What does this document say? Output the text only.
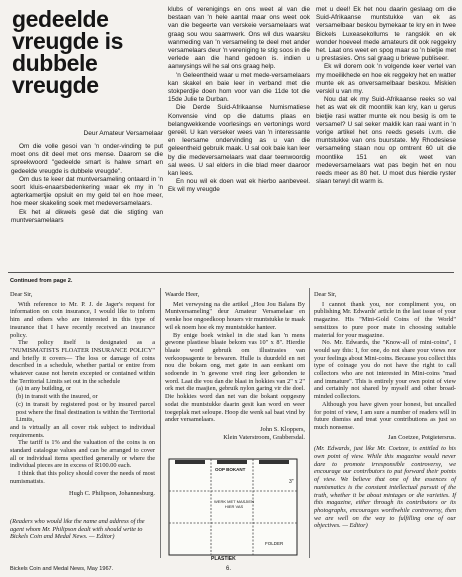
gedeelde
vreugde is
dubbele
vreugde
Deur Amateur Versamelaar

Om die volle gesoi van 'n onder-vinding te put moet ons dit deel met ons mense. Daarom se die spreekwoord "gedeelde smart is halwe smart en gedeelde vreugde is dubbele vreugde".

Om dus te keer dat muntversameling ontaard in 'n soort kluis-enaarsbedenkering waar ek my in 'n agterkamertjie opsluit en my geld tel en hoe meer, hoe meer skakeling soek met medeversamelaars.

Ek het al dikwels gesê dat die stigting van muntversamelaars

klubs of verenigings en ons weet al van die bestaan van 'n hele aantal maar ons weet ook van die begeerte van verskeie versamelaars wat graag sou wou saamwerk. Ons wil dus waarsku wanmeding van 'n versameling te deel met ander versamelaars deur 'n vereniging te stig soos in die verlede aan die hand gedoen is. indien u aanwysings wil he sal ons graag help.

'n Geleentheid waar u met mede-versamelaars kan skakel en baie leer in verband met die stokperdjie doen hom voor van die 11de tot die 15de Julie te Durban.

Die Derde Suid-Afrikaanse Numismatiese Konvensie vind op die datums plaas en belangwekkende voorlesings en vertonings word gereël. U kan verseker wees van 'n interessante en leersame ondervinding as u van die geleentheid gebruik maak. U sal ook baie kan leer by die medeversamelaars wat daar teenwoordig sal wees. U sal elders in die blad meer daaroor kan lees.

En nou wil ek doen wat ek hierbo aanbeveel. Ek wil my vreugde

met u deel! Ek het nou daarin geslaag om die Suid-Afrikaanse muntstukke van ek as versamelbaar beskou bymekaar te kry en in twee Bickels Luxeasekollums te rangskik en ek wonder hoeveel mede amateurs dit ook reggekry het. Laat ons weet en spog maar so 'n bietjie met u prestasies. Ons sal graag u briewe publiseer.

Ek wil dorem ook 'n volgende keer vertel van my moeilikhede en hoe ek reggekry het en watter munte ek as onversamelbaar beskou. Miskien verskil u van my.

Nou dat ek my Suid-Afrikaanse reeks so val het as wat ek dit moontlik kan kry, kan u gerus bietjie rasi watter munte ek nou besig is om te versamel? U sal seker maklik kan raai want in 'n vorige artikel het ons reeds gesels i.v.m. die muntstukke van ons buurstate. My Rhodesiese versameling staan nou op omtrent 60 uit die moontlike 151 en ek weet van medeversamelaars wat pas begin het en nou reeds meer as 80 het. U moet dus hierdie ryster slaan terwyl dit warm is.

Continued from page 2.
Dear Sir,

With reference to Mr. P. J. de Jager's request for information on coin insurance, I would like to inform him and others who are interested in this type of insurance that I have recently received an insurance policy.

The policy itself is designated as a "NUMISMATISTS FLOATER INSURANCE POLICY" and briefly it covers— The loss or damage of coins described in a schedule, whether partial or entire from whatever cause not herein excepted or contained within the Territorial Limits set out in the schedule

(a) in any building, or

(b) in transit with the insured, or

(c) in transit by registered post or by insured parcel post where the final destination is within the Territorial Limits,

and is virtually an all cover risk subject to individual requirements.

The tariff is 1% and the valuation of the coins is on standard catalogue values and can be arranged to cover all or individual items specified generally or where the individual pieces are in excess of R100.00 each.

I think that this policy should cover the needs of most numismatists.

Hugh C. Philipson, Johannesburg.
(Readers who would like the name and address of the agent whom Mr. Philipson dealt with should write to Bickels Coin and Medal News. — Editor)
Waarde Heer,

Met verwysing na die artikel „Hou Jou Balans By Muntversameling" deur Amateur Versamelaar en wenke hoe ongoedkoop houers vir muntstukke te maak wil ek noem hoe ek my muntstukke hanteer.

By enige boek winkel in die stad kan 'n mens gewone plastiese blaaie bekom vas 10" x 8". Hierdie blaaie word gebruik om illustrasies van verkoopsagente te bewaren. Hulle is duurdeld en net nou die bokam ong, met gate in aan eenkant om sodoende in 'n gewone vreë ring leer gebonden te word. Laat die vou dan die blaai in hokkies van 2" x 2" ork met die masjien, gebruik nylon garing vir die doel. Die hokkies word dan net van die bokant oopgesny sodat die muntstukke daarin gesit kan word en weer toegeplak met seloupe. Hoop die wenk sal baat vind by ander versamelaars.

John S. Kloppers,
Klein Vaterstroom, Grabbersdal.
OOP BOKANT
WERK MET MASJIEN
HIER VAS
3"
FOLDER
PLASTIEK
Dear Sir,

I cannot thank you, nor compliment you, on publishing Mr. Edwards' article in the last issue of your magazine. His "Mini-Gold Coins of the World" sensitizes to pure poor mate in choosing suitable material for your magazine.

No. Mr. Edwards, the "Know-all of mini-coins", I would say this: I, for one, do not share your views nor your feelings about Mini-coins. Because you collect this type of coinage you do not have the right to call collectors who are not interested in Mini-coins "mad and immature". This is entirely your own point of view and certainly not shared by myself and other broad-minded collectors.

Although you have given your honest, but uncalled for point of view, I am sure a number of readers will in future dismiss and treat your contributions as just so much nonsense.

Jan Coetzee, Potgietersrus.
(Mr. Edwards, just like Mr. Coetzee, is entitled to his own point of view. While this magazine would never dare to promote irresponsible controversy, we encourage our contributors to put forward their points of view. We believe that one of the essences of numismatics is the constant intellectual pursuit of the truth, whether it be about mintages or die varieties. If this magazine, either through its contributors or its photographs, encourages worthwhile controversy, then we are well on the way to fulfilling one of our objectives. — Editor)
Bickels Coin and Medal News, May 1967.	6.
